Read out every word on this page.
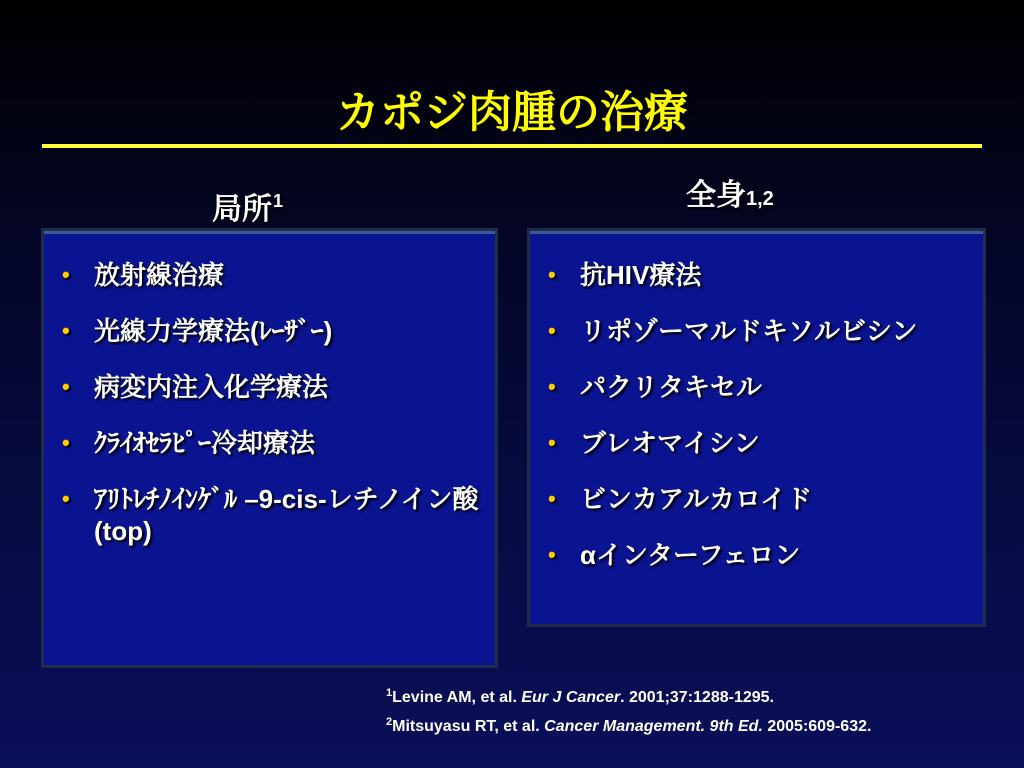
カポジ肉腫の治療
局所$^1$	全身1,2
• 放射線治療
• 光線力学療法(ﾚｰｻﾞｰ)
• 病変内注入化学療法
• ｸﾗｲｵｾﾗﾋﾟｰ冷却療法
• ｱﾘﾄﾚﾁﾉｲﾝｹﾞﾙ –9-cis-レチノイン酸 (top)
• 抗HIV療法
• リポゾーマルドキソルビシン
• パクリタキセル
• ブレオマイシン
• ビンカアルカロイド
• αインターフェロン
$^1$Levine AM, et al. Eur J Cancer. 2001;37:1288-1295.
$^2$Mitsuyasu RT, et al. Cancer Management. 9th Ed. 2005:609-632.
